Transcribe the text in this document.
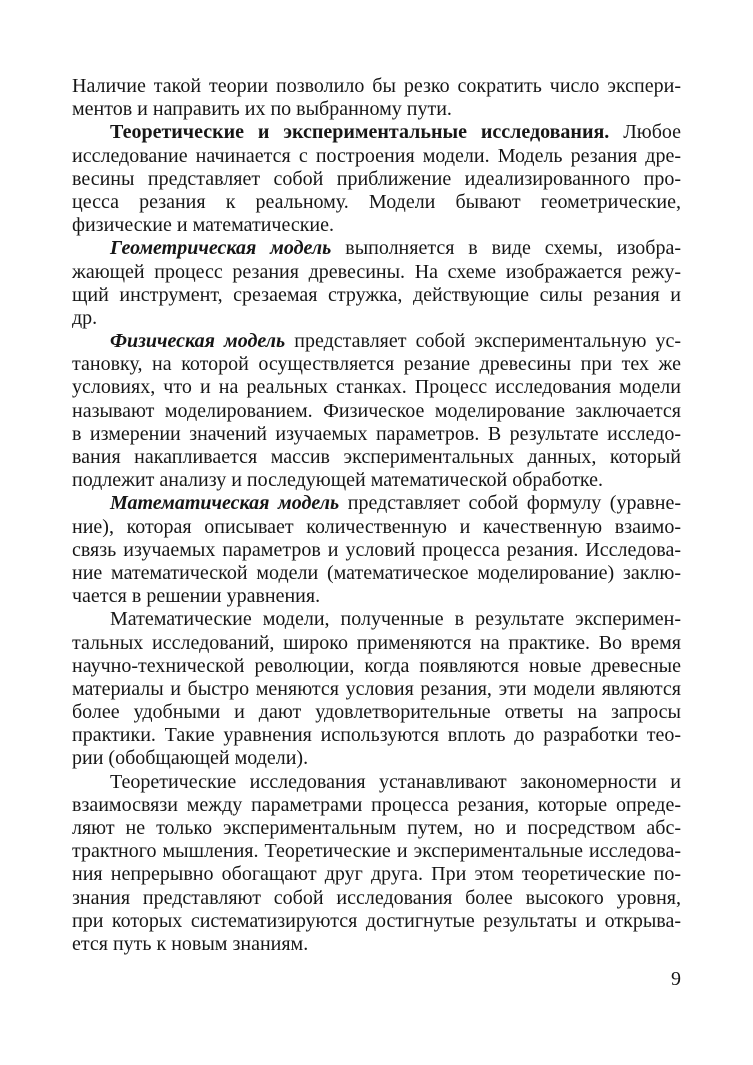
Наличие такой теории позволило бы резко сократить число экспери-
ментов и направить их по выбранному пути.
Теоретические и экспериментальные исследования. Любое
исследование начинается с построения модели. Модель резания дре-
весины представляет собой приближение идеализированного про-
цесса резания к реальному. Модели бывают геометрические,
физические и математические.
Геометрическая модель выполняется в виде схемы, изобра-
жающей процесс резания древесины. На схеме изображается режу-
щий инструмент, срезаемая стружка, действующие силы резания и
др.
Физическая модель представляет собой экспериментальную ус-
тановку, на которой осуществляется резание древесины при тех же
условиях, что и на реальных станках. Процесс исследования модели
называют моделированием. Физическое моделирование заключается
в измерении значений изучаемых параметров. В результате исследо-
вания накапливается массив экспериментальных данных, который
подлежит анализу и последующей математической обработке.
Математическая модель представляет собой формулу (уравне-
ние), которая описывает количественную и качественную взаимо-
связь изучаемых параметров и условий процесса резания. Исследова-
ние математической модели (математическое моделирование) заклю-
чается в решении уравнения.
Математические модели, полученные в результате эксперимен-
тальных исследований, широко применяются на практике. Во время
научно-технической революции, когда появляются новые древесные
материалы и быстро меняются условия резания, эти модели являются
более удобными и дают удовлетворительные ответы на запросы
практики. Такие уравнения используются вплоть до разработки тео-
рии (обобщающей модели).
Теоретические исследования устанавливают закономерности и
взаимосвязи между параметрами процесса резания, которые опреде-
ляют не только экспериментальным путем, но и посредством абс-
трактного мышления. Теоретические и экспериментальные исследова-
ния непрерывно обогащают друг друга. При этом теоретические по-
знания представляют собой исследования более высокого уровня,
при которых систематизируются достигнутые результаты и открыва-
ется путь к новым знаниям.
9
